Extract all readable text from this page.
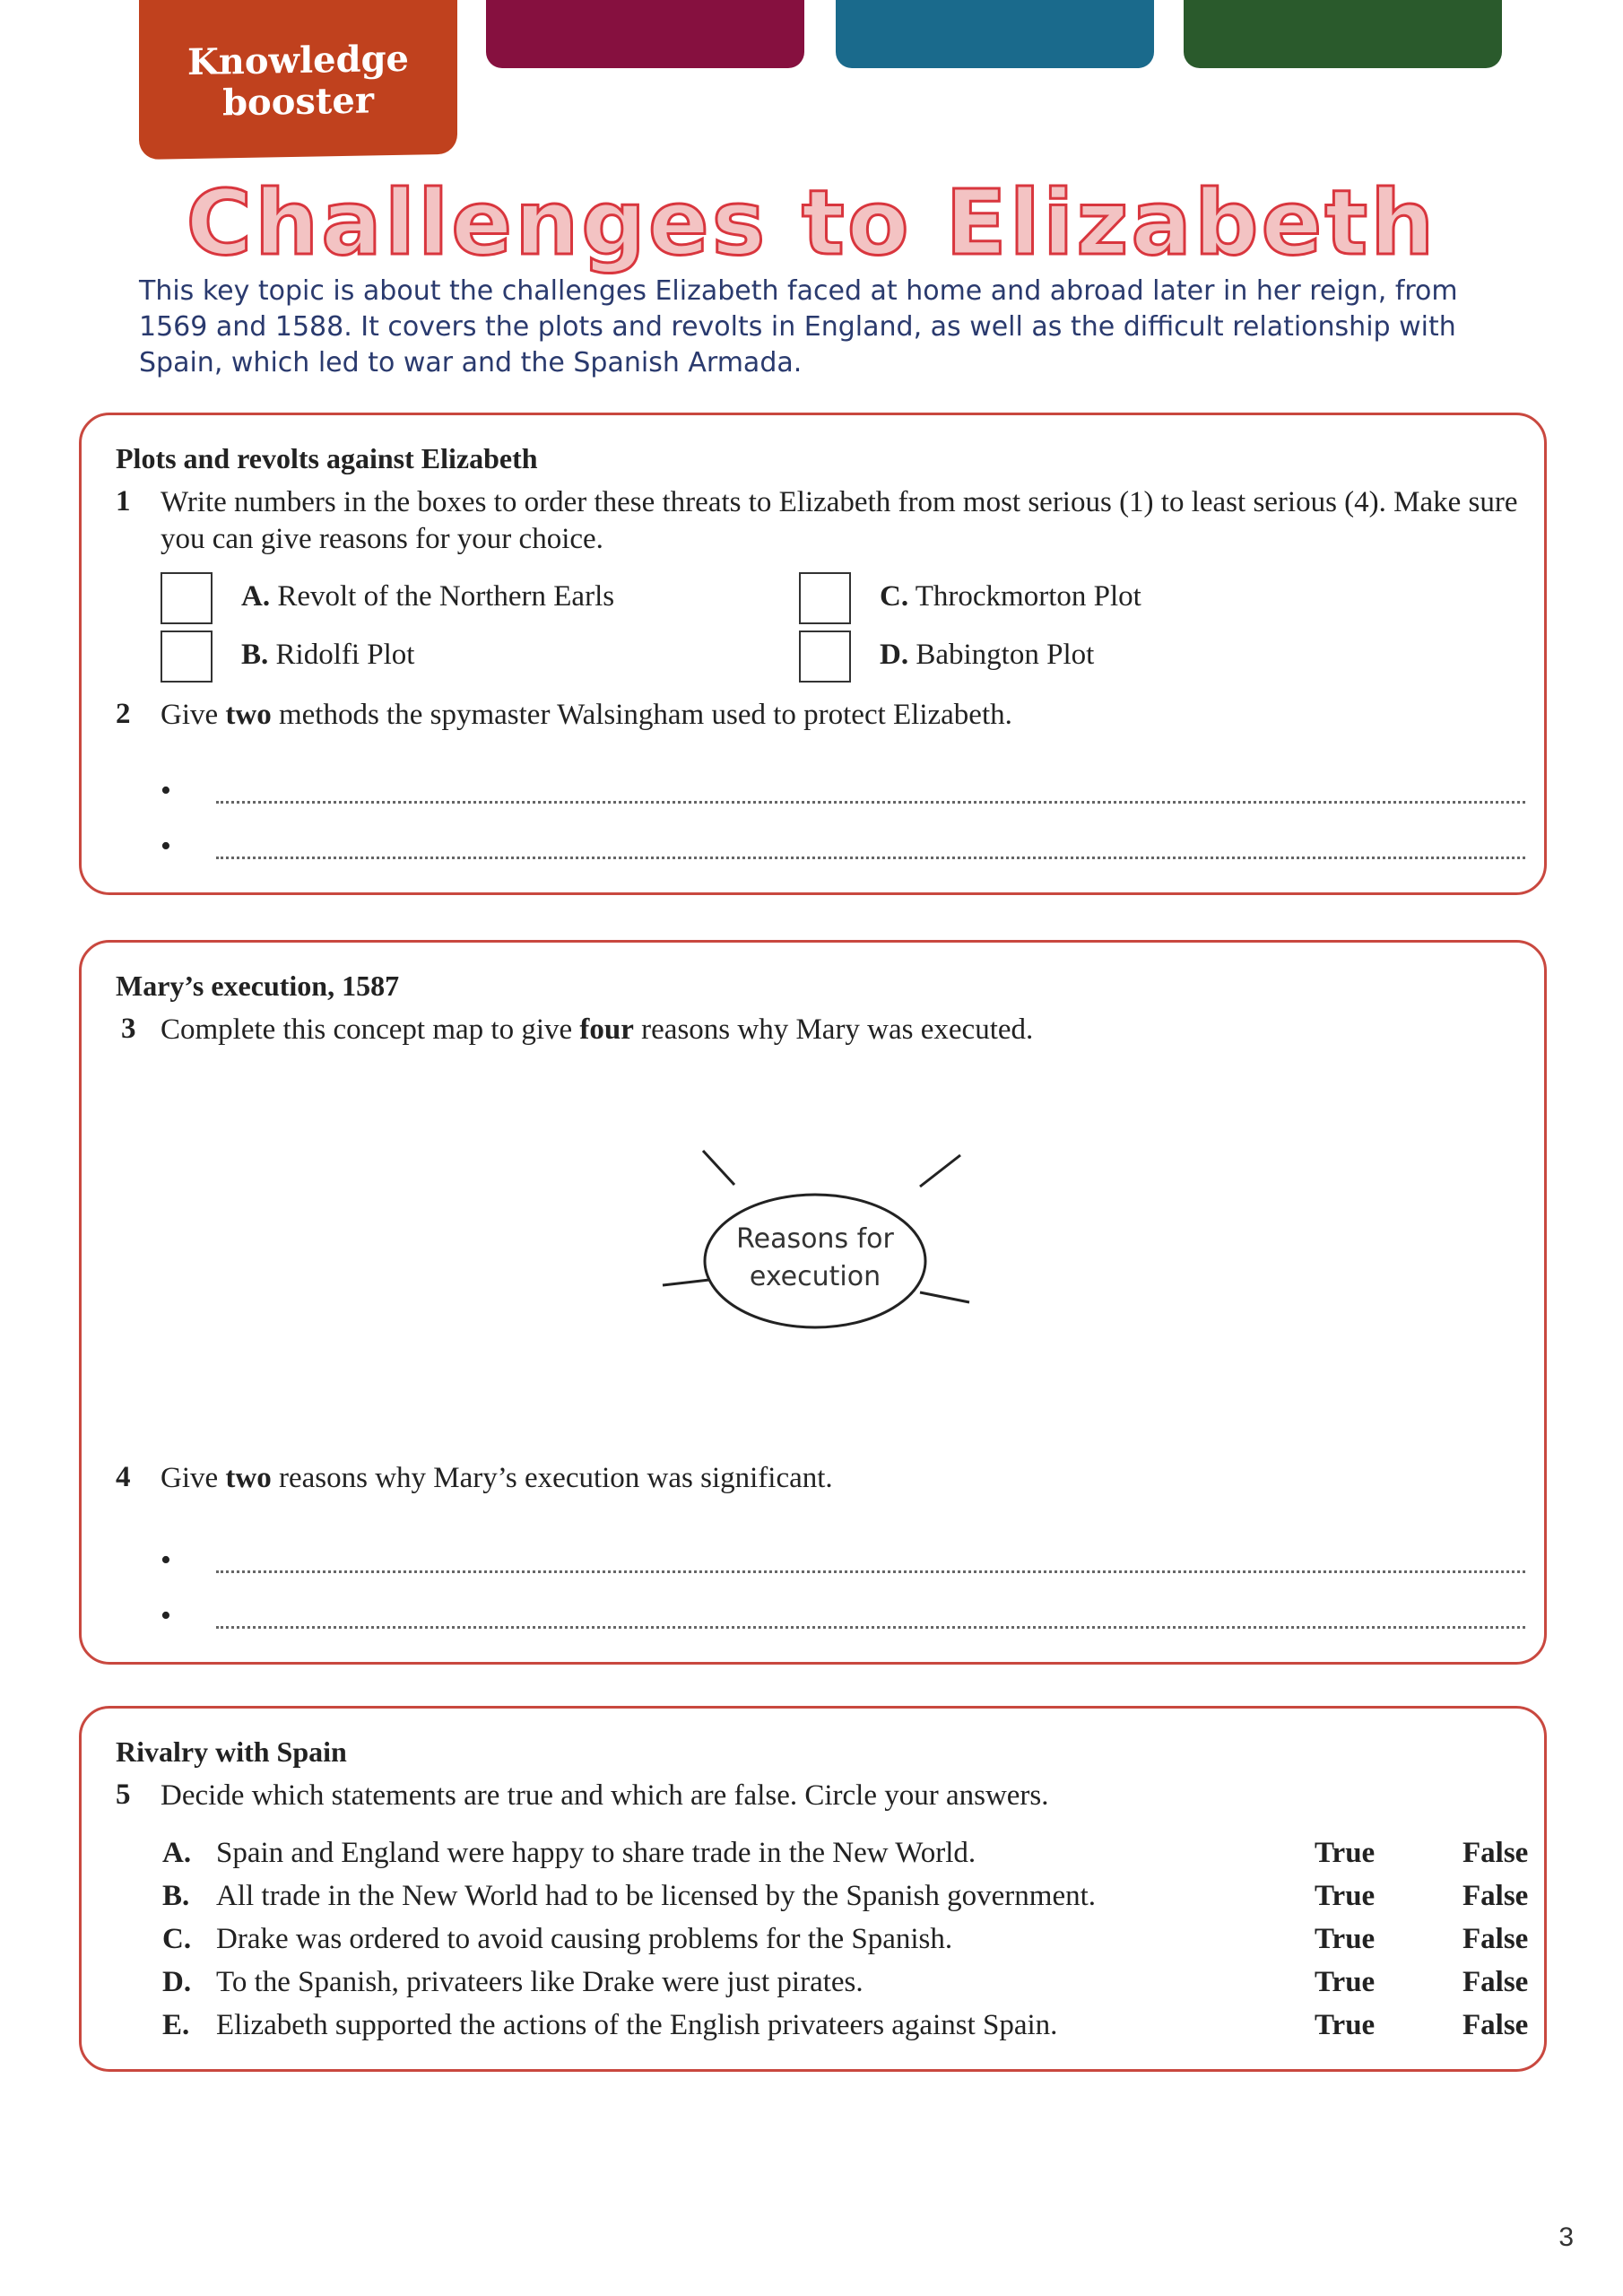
Knowledge
booster
Challenges to Elizabeth
This key topic is about the challenges Elizabeth faced at home and abroad later in her reign, from 1569 and 1588. It covers the plots and revolts in England, as well as the difficult relationship with Spain, which led to war and the Spanish Armada.
Plots and revolts against Elizabeth
1 Write numbers in the boxes to order these threats to Elizabeth from most serious (1) to least serious (4). Make sure you can give reasons for your choice.
A. Revolt of the Northern Earls
B. Ridolfi Plot
C. Throckmorton Plot
D. Babington Plot
2 Give two methods the spymaster Walsingham used to protect Elizabeth.
•
•
Mary’s execution, 1587
3 Complete this concept map to give four reasons why Mary was executed.
Reasons for
execution
4 Give two reasons why Mary’s execution was significant.
•
•
Rivalry with Spain
5 Decide which statements are true and which are false. Circle your answers.
A. Spain and England were happy to share trade in the New World.	True	False
B. All trade in the New World had to be licensed by the Spanish government.	True	False
C. Drake was ordered to avoid causing problems for the Spanish.	True	False
D. To the Spanish, privateers like Drake were just pirates.	True	False
E. Elizabeth supported the actions of the English privateers against Spain.	True	False
3
